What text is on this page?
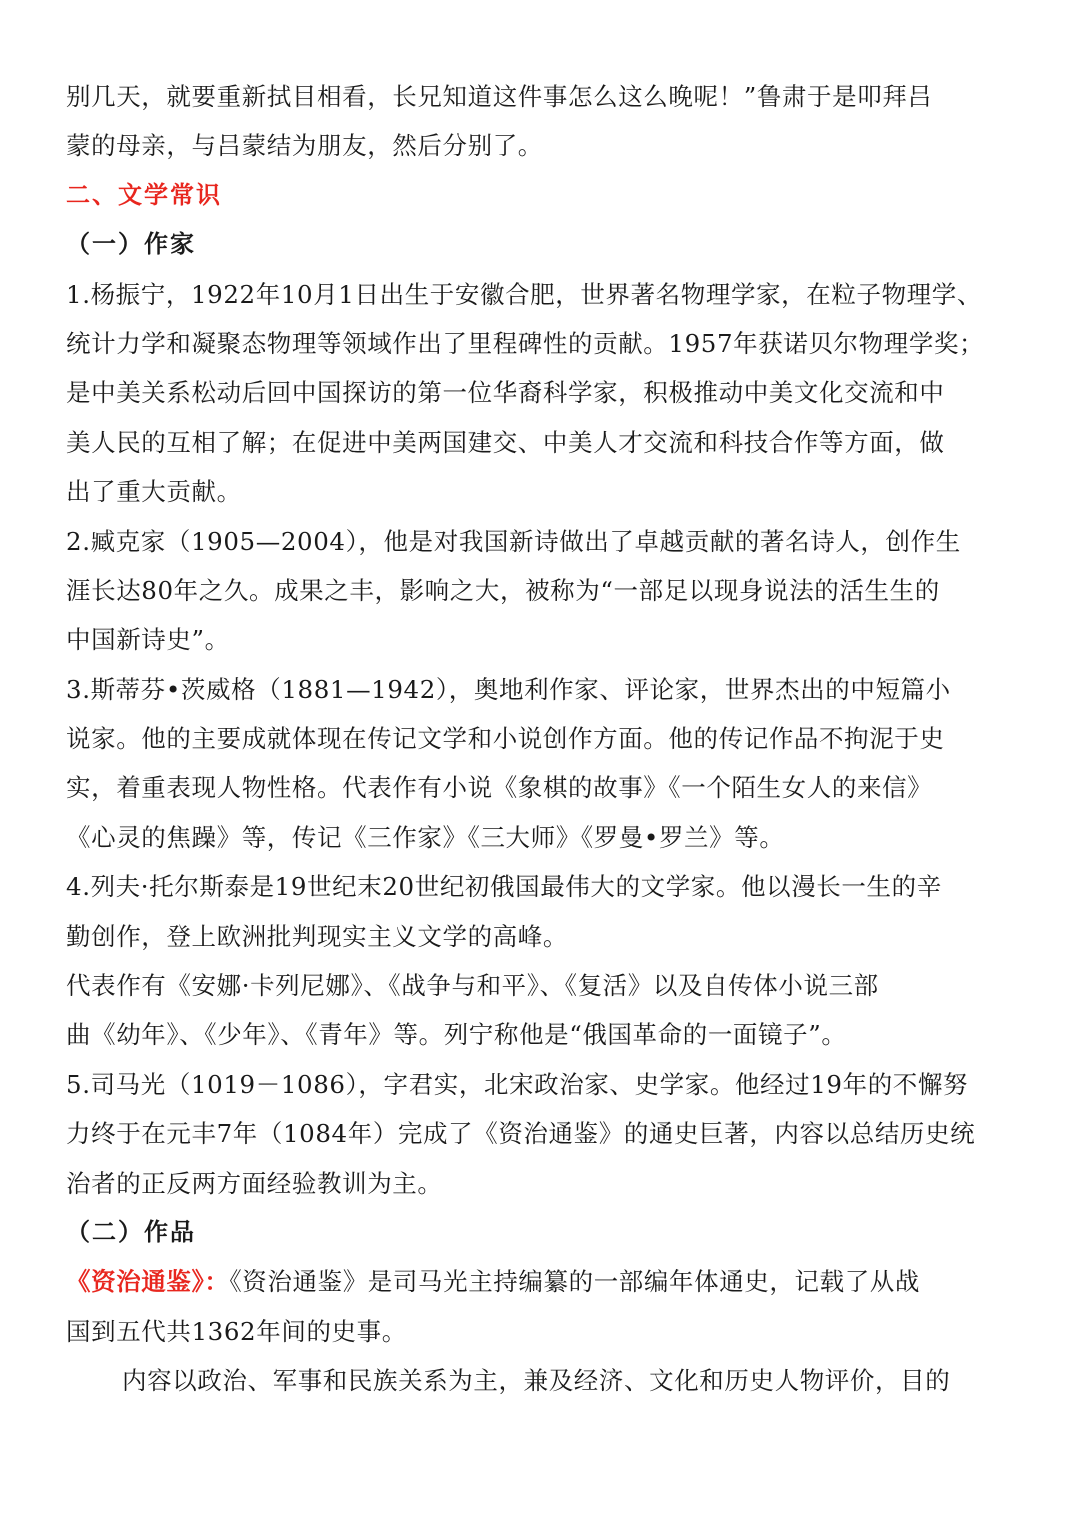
别几天，就要重新拭目相看，长兄知道这件事怎么这么晚呢！”鲁肃于是叩拜吕
蒙的母亲，与吕蒙结为朋友，然后分别了。
二、文学常识
（一）作家
1.杨振宁，1922年10月1日出生于安徽合肥，世界著名物理学家，在粒子物理学、
统计力学和凝聚态物理等领域作出了里程碑性的贡献。1957年获诺贝尔物理学奖；
是中美关系松动后回中国探访的第一位华裔科学家，积极推动中美文化交流和中
美人民的互相了解；在促进中美两国建交、中美人才交流和科技合作等方面，做
出了重大贡献。
2.臧克家（1905—2004），他是对我国新诗做出了卓越贡献的著名诗人，创作生
涯长达80年之久。成果之丰，影响之大，被称为“一部足以现身说法的活生生的
中国新诗史”。
3.斯蒂芬•茨威格（1881—1942），奥地利作家、评论家，世界杰出的中短篇小
说家。他的主要成就体现在传记文学和小说创作方面。他的传记作品不拘泥于史
实，着重表现人物性格。代表作有小说《象棋的故事》《一个陌生女人的来信》
《心灵的焦躁》等，传记《三作家》《三大师》《罗曼•罗兰》等。
4.列夫·托尔斯泰是19世纪末20世纪初俄国最伟大的文学家。他以漫长一生的辛
勤创作，登上欧洲批判现实主义文学的高峰。
代表作有《安娜·卡列尼娜》、《战争与和平》、《复活》以及自传体小说三部
曲《幼年》、《少年》、《青年》等。列宁称他是“俄国革命的一面镜子”。
5.司马光（1019－1086），字君实，北宋政治家、史学家。他经过19年的不懈努
力终于在元丰7年（1084年）完成了《资治通鉴》的通史巨著，内容以总结历史统
治者的正反两方面经验教训为主。
（二）作品
《资治通鉴》：《资治通鉴》是司马光主持编纂的一部编年体通史，记载了从战
国到五代共1362年间的史事。
内容以政治、军事和民族关系为主，兼及经济、文化和历史人物评价，目的
